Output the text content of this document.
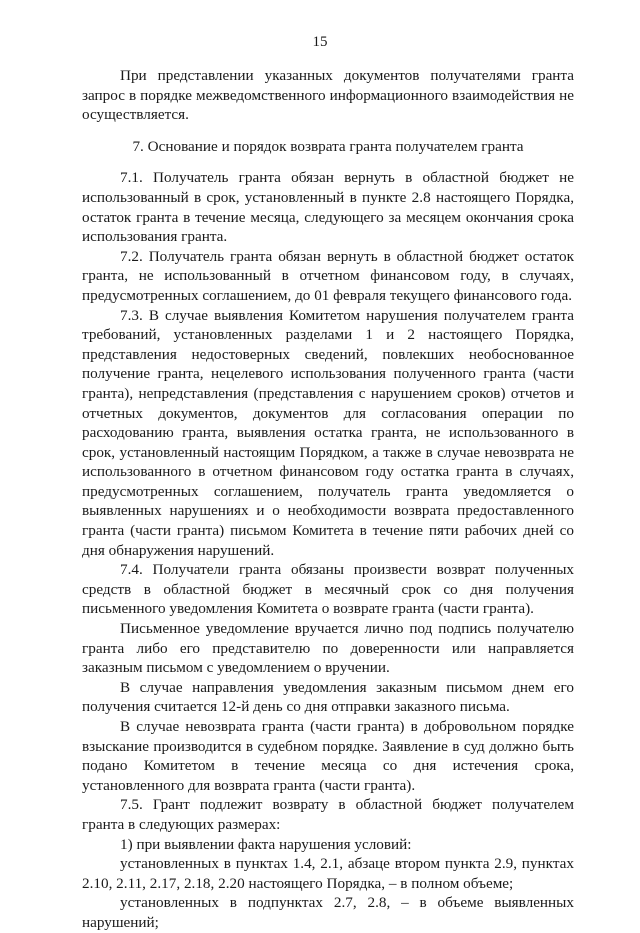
15

При представлении указанных документов получателями гранта запрос в порядке межведомственного информационного взаимодействия не осуществляется.

7. Основание и порядок возврата гранта получателем гранта

7.1. Получатель гранта обязан вернуть в областной бюджет не использованный в срок, установленный в пункте 2.8 настоящего Порядка, остаток гранта в течение месяца, следующего за месяцем окончания срока использования гранта.

7.2. Получатель гранта обязан вернуть в областной бюджет остаток гранта, не использованный в отчетном финансовом году, в случаях, предусмотренных соглашением, до 01 февраля текущего финансового года.

7.3. В случае выявления Комитетом нарушения получателем гранта требований, установленных разделами 1 и 2 настоящего Порядка, представления недостоверных сведений, повлекших необоснованное получение гранта, нецелевого использования полученного гранта (части гранта), непредставления (представления с нарушением сроков) отчетов и отчетных документов, документов для согласования операции по расходованию гранта, выявления остатка гранта, не использованного в срок, установленный настоящим Порядком, а также в случае невозврата не использованного в отчетном финансовом году остатка гранта в случаях, предусмотренных соглашением, получатель гранта уведомляется о выявленных нарушениях и о необходимости возврата предоставленного гранта (части гранта) письмом Комитета в течение пяти рабочих дней со дня обнаружения нарушений.

7.4. Получатели гранта обязаны произвести возврат полученных средств в областной бюджет в месячный срок со дня получения письменного уведомления Комитета о возврате гранта (части гранта).

Письменное уведомление вручается лично под подпись получателю гранта либо его представителю по доверенности или направляется заказным письмом с уведомлением о вручении.

В случае направления уведомления заказным письмом днем его получения считается 12-й день со дня отправки заказного письма.

В случае невозврата гранта (части гранта) в добровольном порядке взыскание производится в судебном порядке. Заявление в суд должно быть подано Комитетом в течение месяца со дня истечения срока, установленного для возврата гранта (части гранта).

7.5. Грант подлежит возврату в областной бюджет получателем гранта в следующих размерах:

1) при выявлении факта нарушения условий:

установленных в пунктах 1.4, 2.1, абзаце втором пункта 2.9, пунктах 2.10, 2.11, 2.17, 2.18, 2.20 настоящего Порядка, – в полном объеме;

установленных в подпунктах 2.7, 2.8, – в объеме выявленных нарушений;
